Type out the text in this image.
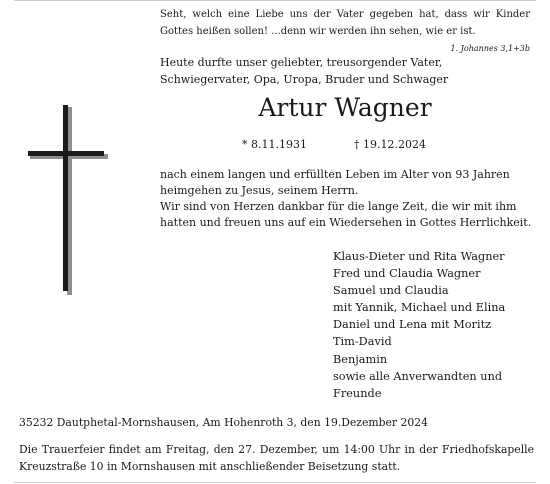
Seht, welch eine Liebe uns der Vater gegeben hat, dass wir Kinder Gottes heißen sollen! ...denn wir werden ihn sehen, wie er ist.
1. Johannes 3,1+3b
Heute durfte unser geliebter, treusorgender Vater, Schwiegervater, Opa, Uropa, Bruder und Schwager
Artur Wagner
* 8.11.1931	† 19.12.2024
nach einem langen und erfüllten Leben im Alter von 93 Jahren
heimgehen zu Jesus, seinem Herrn.
Wir sind von Herzen dankbar für die lange Zeit, die wir mit ihm
hatten und freuen uns auf ein Wiedersehen in Gottes Herrlichkeit.
Klaus-Dieter und Rita Wagner
Fred und Claudia Wagner
Samuel und Claudia
mit Yannik, Michael und Elina
Daniel und Lena mit Moritz
Tim-David
Benjamin
sowie alle Anverwandten und
Freunde
35232 Dautphetal-Mornshausen, Am Hohenroth 3, den 19.Dezember 2024
Die Trauerfeier findet am Freitag, den 27. Dezember, um 14:00 Uhr in der Friedhofskapelle Kreuzstraße 10 in Mornshausen mit anschließender Beisetzung statt.
